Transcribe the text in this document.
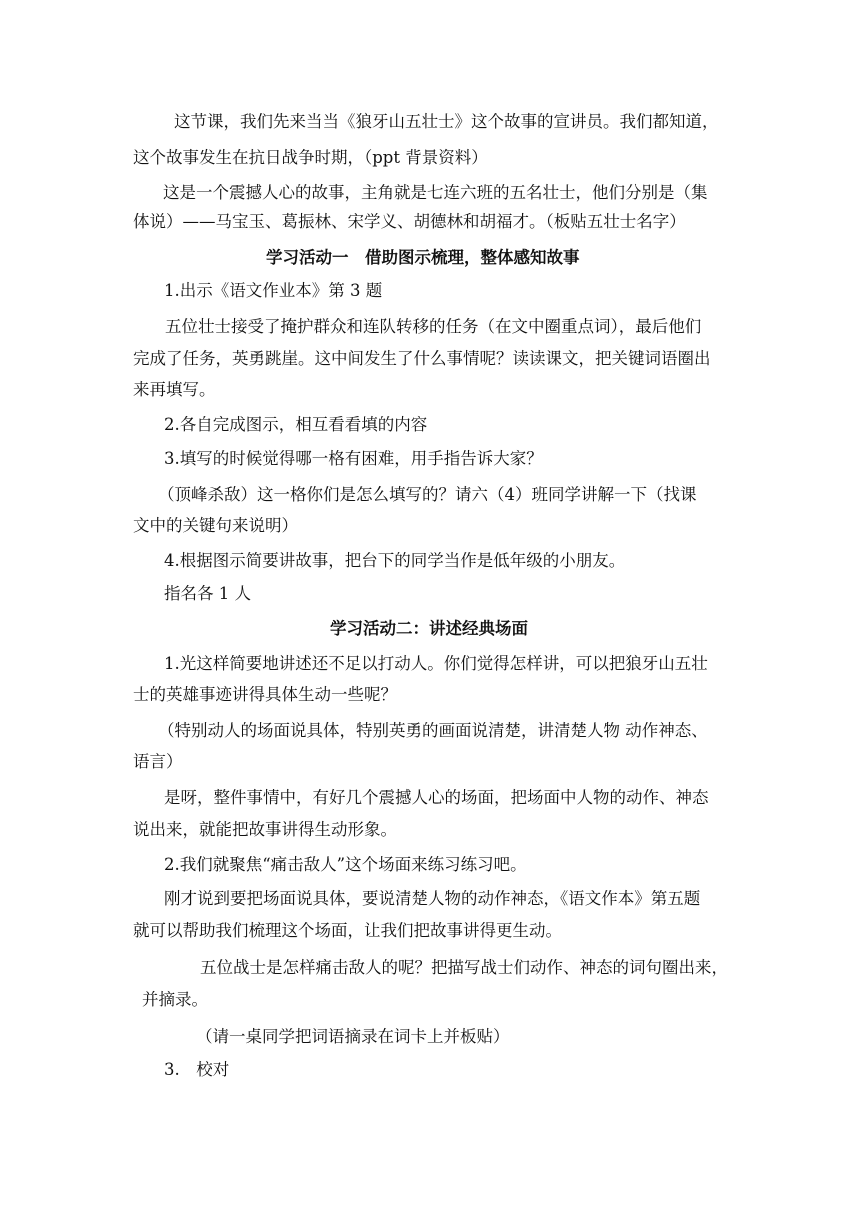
这节课，我们先来当当《狼牙山五壮士》这个故事的宣讲员。我们都知道，
这个故事发生在抗日战争时期，（ppt 背景资料）
这是一个震撼人心的故事，主角就是七连六班的五名壮士，他们分别是（集
体说）——马宝玉、葛振林、宋学义、胡德林和胡福才。（板贴五壮士名字）
学习活动一　借助图示梳理，整体感知故事
1.出示《语文作业本》第 3 题
五位壮士接受了掩护群众和连队转移的任务（在文中圈重点词），最后他们
完成了任务，英勇跳崖。这中间发生了什么事情呢？读读课文，把关键词语圈出
来再填写。
2.各自完成图示，相互看看填的内容
3.填写的时候觉得哪一格有困难，用手指告诉大家？
（顶峰杀敌）这一格你们是怎么填写的？请六（4）班同学讲解一下（找课
文中的关键句来说明）
4.根据图示简要讲故事，把台下的同学当作是低年级的小朋友。
指名各 1 人
学习活动二：讲述经典场面
1.光这样简要地讲述还不足以打动人。你们觉得怎样讲，可以把狼牙山五壮
士的英雄事迹讲得具体生动一些呢？
（特别动人的场面说具体，特别英勇的画面说清楚，讲清楚人物 动作神态、
语言）
是呀，整件事情中，有好几个震撼人心的场面，把场面中人物的动作、神态
说出来，就能把故事讲得生动形象。
2.我们就聚焦“痛击敌人”这个场面来练习练习吧。
刚才说到要把场面说具体，要说清楚人物的动作神态，《语文作本》第五题
就可以帮助我们梳理这个场面，让我们把故事讲得更生动。
五位战士是怎样痛击敌人的呢？把描写战士们动作、神态的词句圈出来，
并摘录。
（请一桌同学把词语摘录在词卡上并板贴）
3.　校对
